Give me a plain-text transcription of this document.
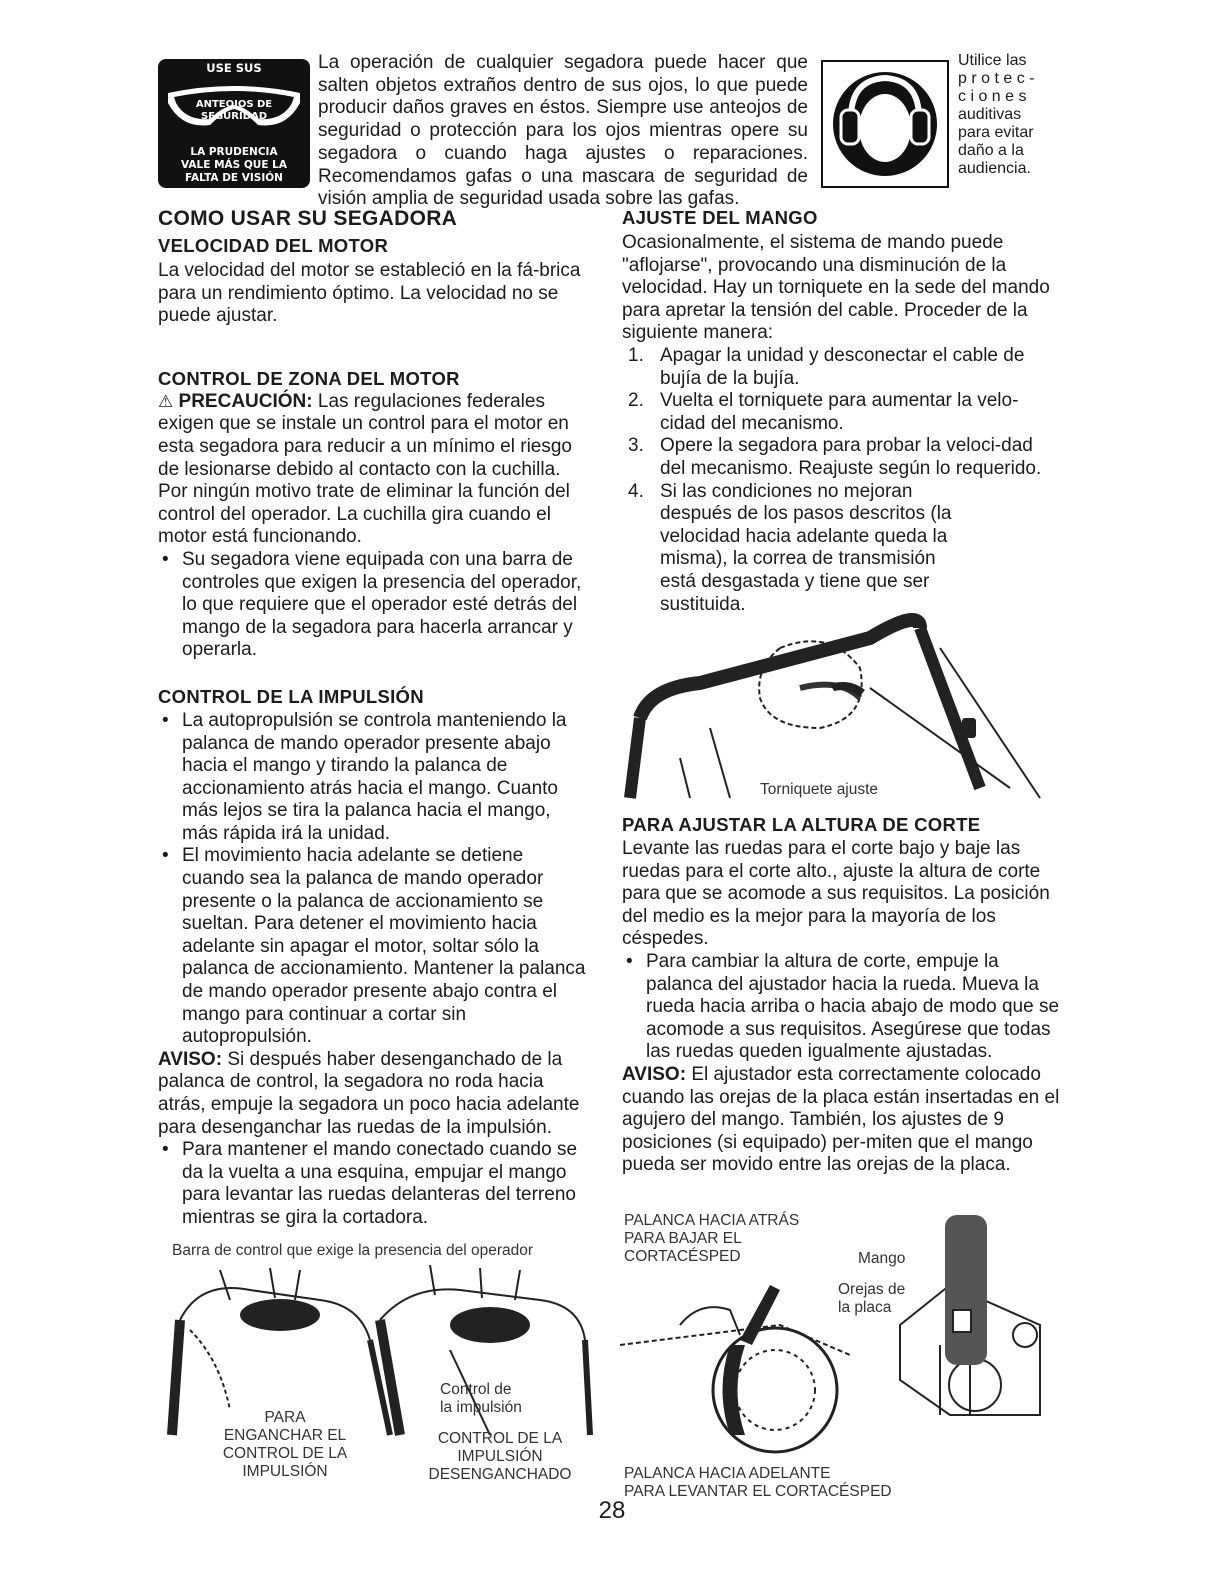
USE SUS
ANTEOJOS DE
SEGURIDAD
LA PRUDENCIA
VALE MÁS QUE LA
FALTA DE VISIÓN
La operación de cualquier segadora puede hacer que salten objetos extraños dentro de sus ojos, lo que puede producir daños graves en éstos. Siempre use anteojos de seguridad o protección para los ojos mientras opere su segadora o cuando haga ajustes o reparaciones. Recomendamos gafas o una mascara de seguridad de visión amplia de seguridad usada sobre las gafas.
Utilice las
p r o t e c -
c i o n e s
auditivas
para evitar
daño a la
audiencia.
COMO USAR SU SEGADORA
VELOCIDAD DEL MOTOR

La velocidad del motor se estableció en la fá-brica para un rendimiento óptimo. La velocidad no se puede ajustar.

CONTROL DE ZONA DEL MOTOR

⚠ PRECAUCIÓN: Las regulaciones federales exigen que se instale un control para el motor en esta segadora para reducir a un mínimo el riesgo de lesionarse debido al contacto con la cuchilla. Por ningún motivo trate de eliminar la función del control del operador. La cuchilla gira cuando el motor está funcionando.

• Su segadora viene equipada con una barra de controles que exigen la presencia del operador, lo que requiere que el operador esté detrás del mango de la segadora para hacerla arrancar y operarla.
CONTROL DE LA IMPULSIÓN
• La autopropulsión se controla manteniendo la palanca de mando operador presente abajo hacia el mango y tirando la palanca de accionamiento atrás hacia el mango. Cuanto más lejos se tira la palanca hacia el mango, más rápida irá la unidad.
• El movimiento hacia adelante se detiene cuando sea la palanca de mando operador presente o la palanca de accionamiento se sueltan. Para detener el movimiento hacia adelante sin apagar el motor, soltar sólo la palanca de accionamiento. Mantener la palanca de mando operador presente abajo contra el mango para continuar a cortar sin autopropulsión.

AVISO: Si después haber desenganchado de la palanca de control, la segadora no roda hacia atrás, empuje la segadora un poco hacia adelante para desenganchar las ruedas de la impulsión.

• Para mantener el mando conectado cuando se da la vuelta a una esquina, empujar el mango para levantar las ruedas delanteras del terreno mientras se gira la cortadora.
Barra de control que exige la presencia del operador
Control de
la impulsión
PARA
ENGANCHAR EL
CONTROL DE LA
IMPULSIÓN
CONTROL DE LA
IMPULSIÓN
DESENGANCHADO
AJUSTE DEL MANGO

Ocasionalmente, el sistema de mando puede "aflojarse", provocando una disminución de la velocidad. Hay un torniquete en la sede del mando para apretar la tensión del cable. Proceder de la siguiente manera:

1. Apagar la unidad y desconectar el cable de bujía de la bujía.
2. Vuelta el torniquete para aumentar la velo-cidad del mecanismo.
3. Opere la segadora para probar la veloci-dad del mecanismo. Reajuste según lo requerido.
4. Si las condiciones no mejoran después de los pasos descritos (la velocidad hacia adelante queda la misma), la correa de transmisión está desgastada y tiene que ser sustituida.
Torniquete ajuste
PARA AJUSTAR LA ALTURA DE CORTE

Levante las ruedas para el corte bajo y baje las ruedas para el corte alto., ajuste la altura de corte para que se acomode a sus requisitos. La posición del medio es la mejor para la mayoría de los céspedes.

• Para cambiar la altura de corte, empuje la palanca del ajustador hacia la rueda. Mueva la rueda hacia arriba o hacia abajo de modo que se acomode a sus requisitos. Asegúrese que todas las ruedas queden igualmente ajustadas.

AVISO: El ajustador esta correctamente colocado cuando las orejas de la placa están insertadas en el agujero del mango. También, los ajustes de 9 posiciones (si equipado) per-miten que el mango pueda ser movido entre las orejas de la placa.

PALANCA HACIA ATRÁS
PARA BAJAR EL
CORTACÉSPED	Mango
Orejas de
la placa
PALANCA HACIA ADELANTE
PARA LEVANTAR EL CORTACÉSPED
28
